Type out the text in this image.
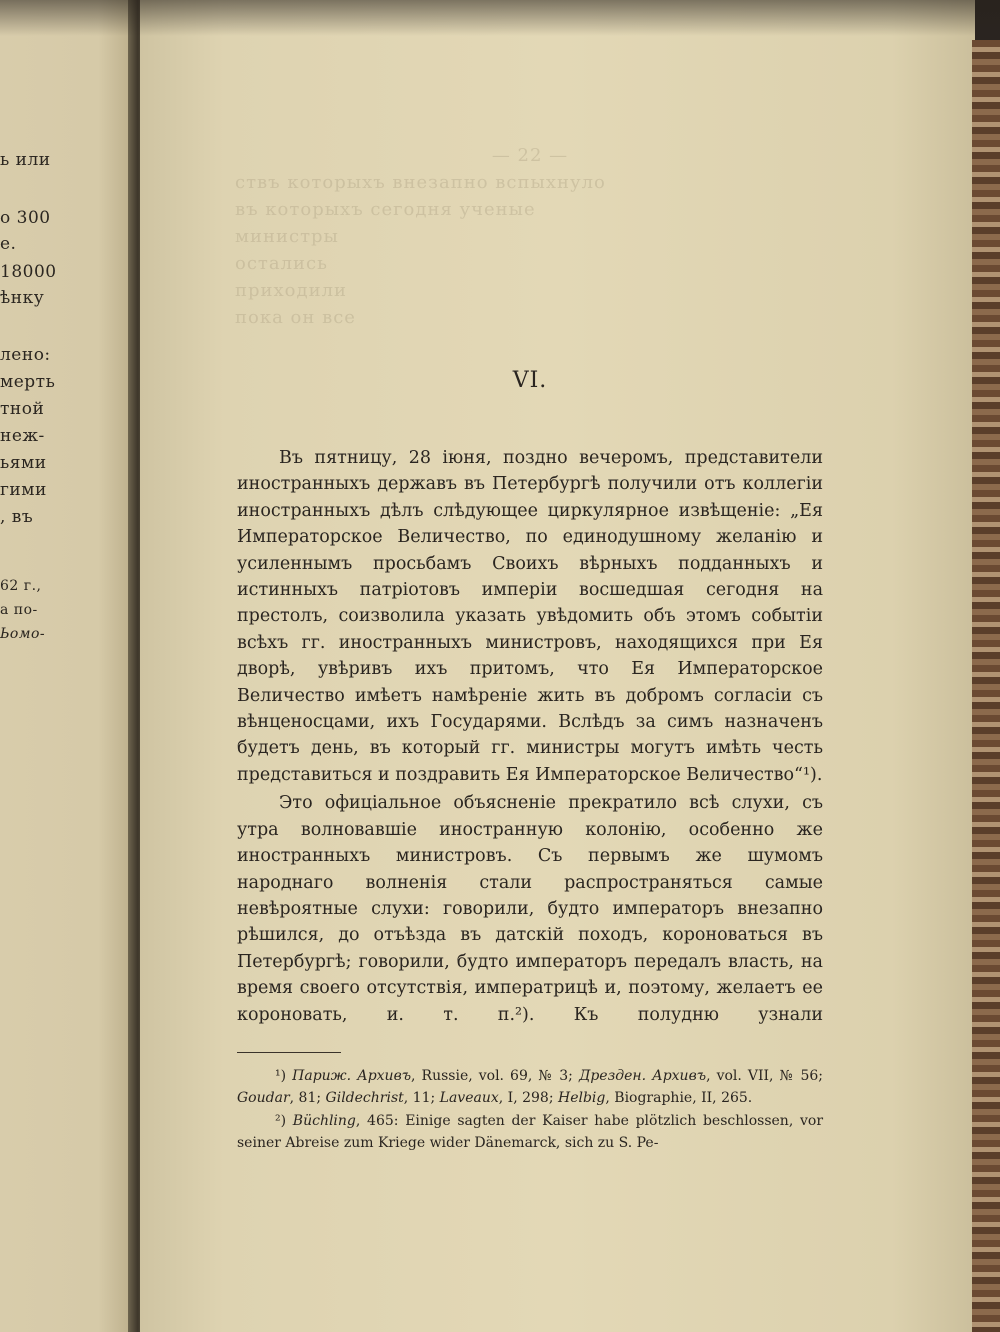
ь или
о 300
е.
18000
ѣнку
лено:
мерть
тной
неж-
ьями
гими
, въ
62 г.,
а по-
Ьомо-
— 22 —
ствъ которыхъ внезапно вспыхнуло
въ которыхъ сегодня ученые
министры
остались
приходили
пока он все
VI.

Въ пятницу, 28 іюня, поздно вечеромъ, представители иностранныхъ державъ въ Петербургѣ получили отъ коллегіи иностранныхъ дѣлъ слѣдующее циркулярное извѣщеніе: „Ея Императорское Величество, по единодушному желанію и усиленнымъ просьбамъ Своихъ вѣрныхъ подданныхъ и истинныхъ патріотовъ имперіи восшедшая сегодня на престолъ, соизволила указать увѣдомить объ этомъ событіи всѣхъ гг. иностранныхъ министровъ, находящихся при Ея дворѣ, увѣривъ ихъ притомъ, что Ея Императорское Величество имѣетъ намѣреніе жить въ добромъ согласіи съ вѣнценосцами, ихъ Государями. Вслѣдъ за симъ назначенъ будетъ день, въ который гг. министры могутъ имѣть честь представиться и поздравить Ея Императорское Величество“¹).

Это офиціальное объясненіе прекратило всѣ слухи, съ утра волновавшіе иностранную колонію, особенно же иностранныхъ министровъ. Съ первымъ же шумомъ народнаго волненія стали распространяться самые невѣроятные слухи: говорили, будто императоръ внезапно рѣшился, до отъѣзда въ датскій походъ, короноваться въ Петербургѣ; говорили, будто императоръ передалъ власть, на время своего отсутствія, императрицѣ и, поэтому, желаетъ ее короновать, и. т. п.²). Къ полудню узнали

¹) Париж. Архивъ, Russie, vol. 69, № 3; Дрезден. Архивъ, vol. VII, № 56; Goudar, 81; Gildechrist, 11; Laveaux, I, 298; Helbig, Biographie, II, 265.

²) Büchling, 465: Einige sagten der Kaiser habe plötzlich beschlossen, vor seiner Abreise zum Kriege wider Dänemarck, sich zu S. Pe-
